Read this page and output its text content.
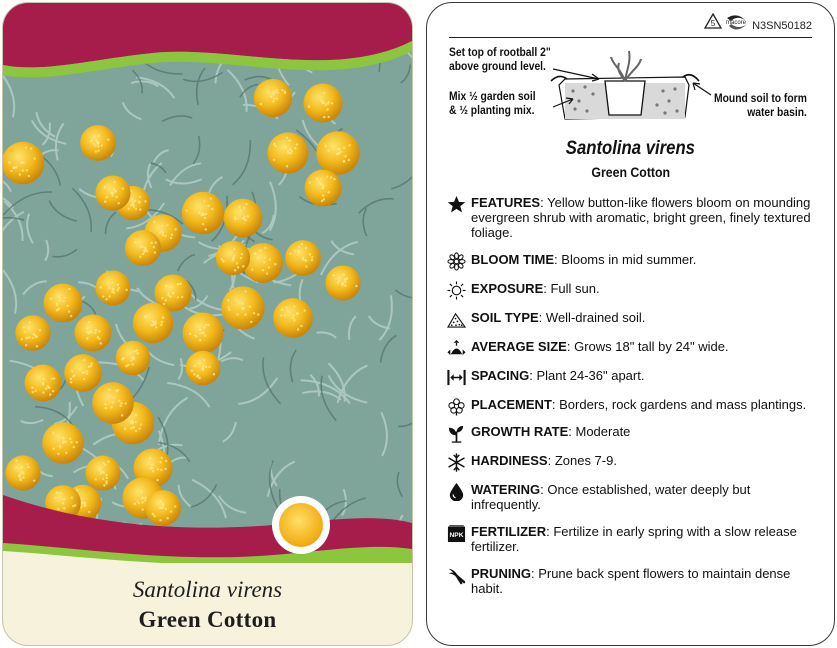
Santolina virens
Green Cotton
5 macore N3SN50182
Set top of rootball 2"
above ground level.
Mix ½ garden soil
& ½ planting mix.
Mound soil to form
water basin.
Santolina virens
Green Cotton
FEATURES: Yellow button-like flowers bloom on mounding evergreen shrub with aromatic, bright green, finely textured foliage.
BLOOM TIME: Blooms in mid summer.
EXPOSURE: Full sun.
SOIL TYPE: Well-drained soil.
AVERAGE SIZE: Grows 18" tall by 24" wide.
SPACING: Plant 24-36" apart.
PLACEMENT: Borders, rock gardens and mass plantings.
GROWTH RATE: Moderate
HARDINESS: Zones 7-9.
WATERING: Once established, water deeply but infrequently.
NPK FERTILIZER: Fertilize in early spring with a slow release fertilizer.
PRUNING: Prune back spent flowers to maintain dense habit.
